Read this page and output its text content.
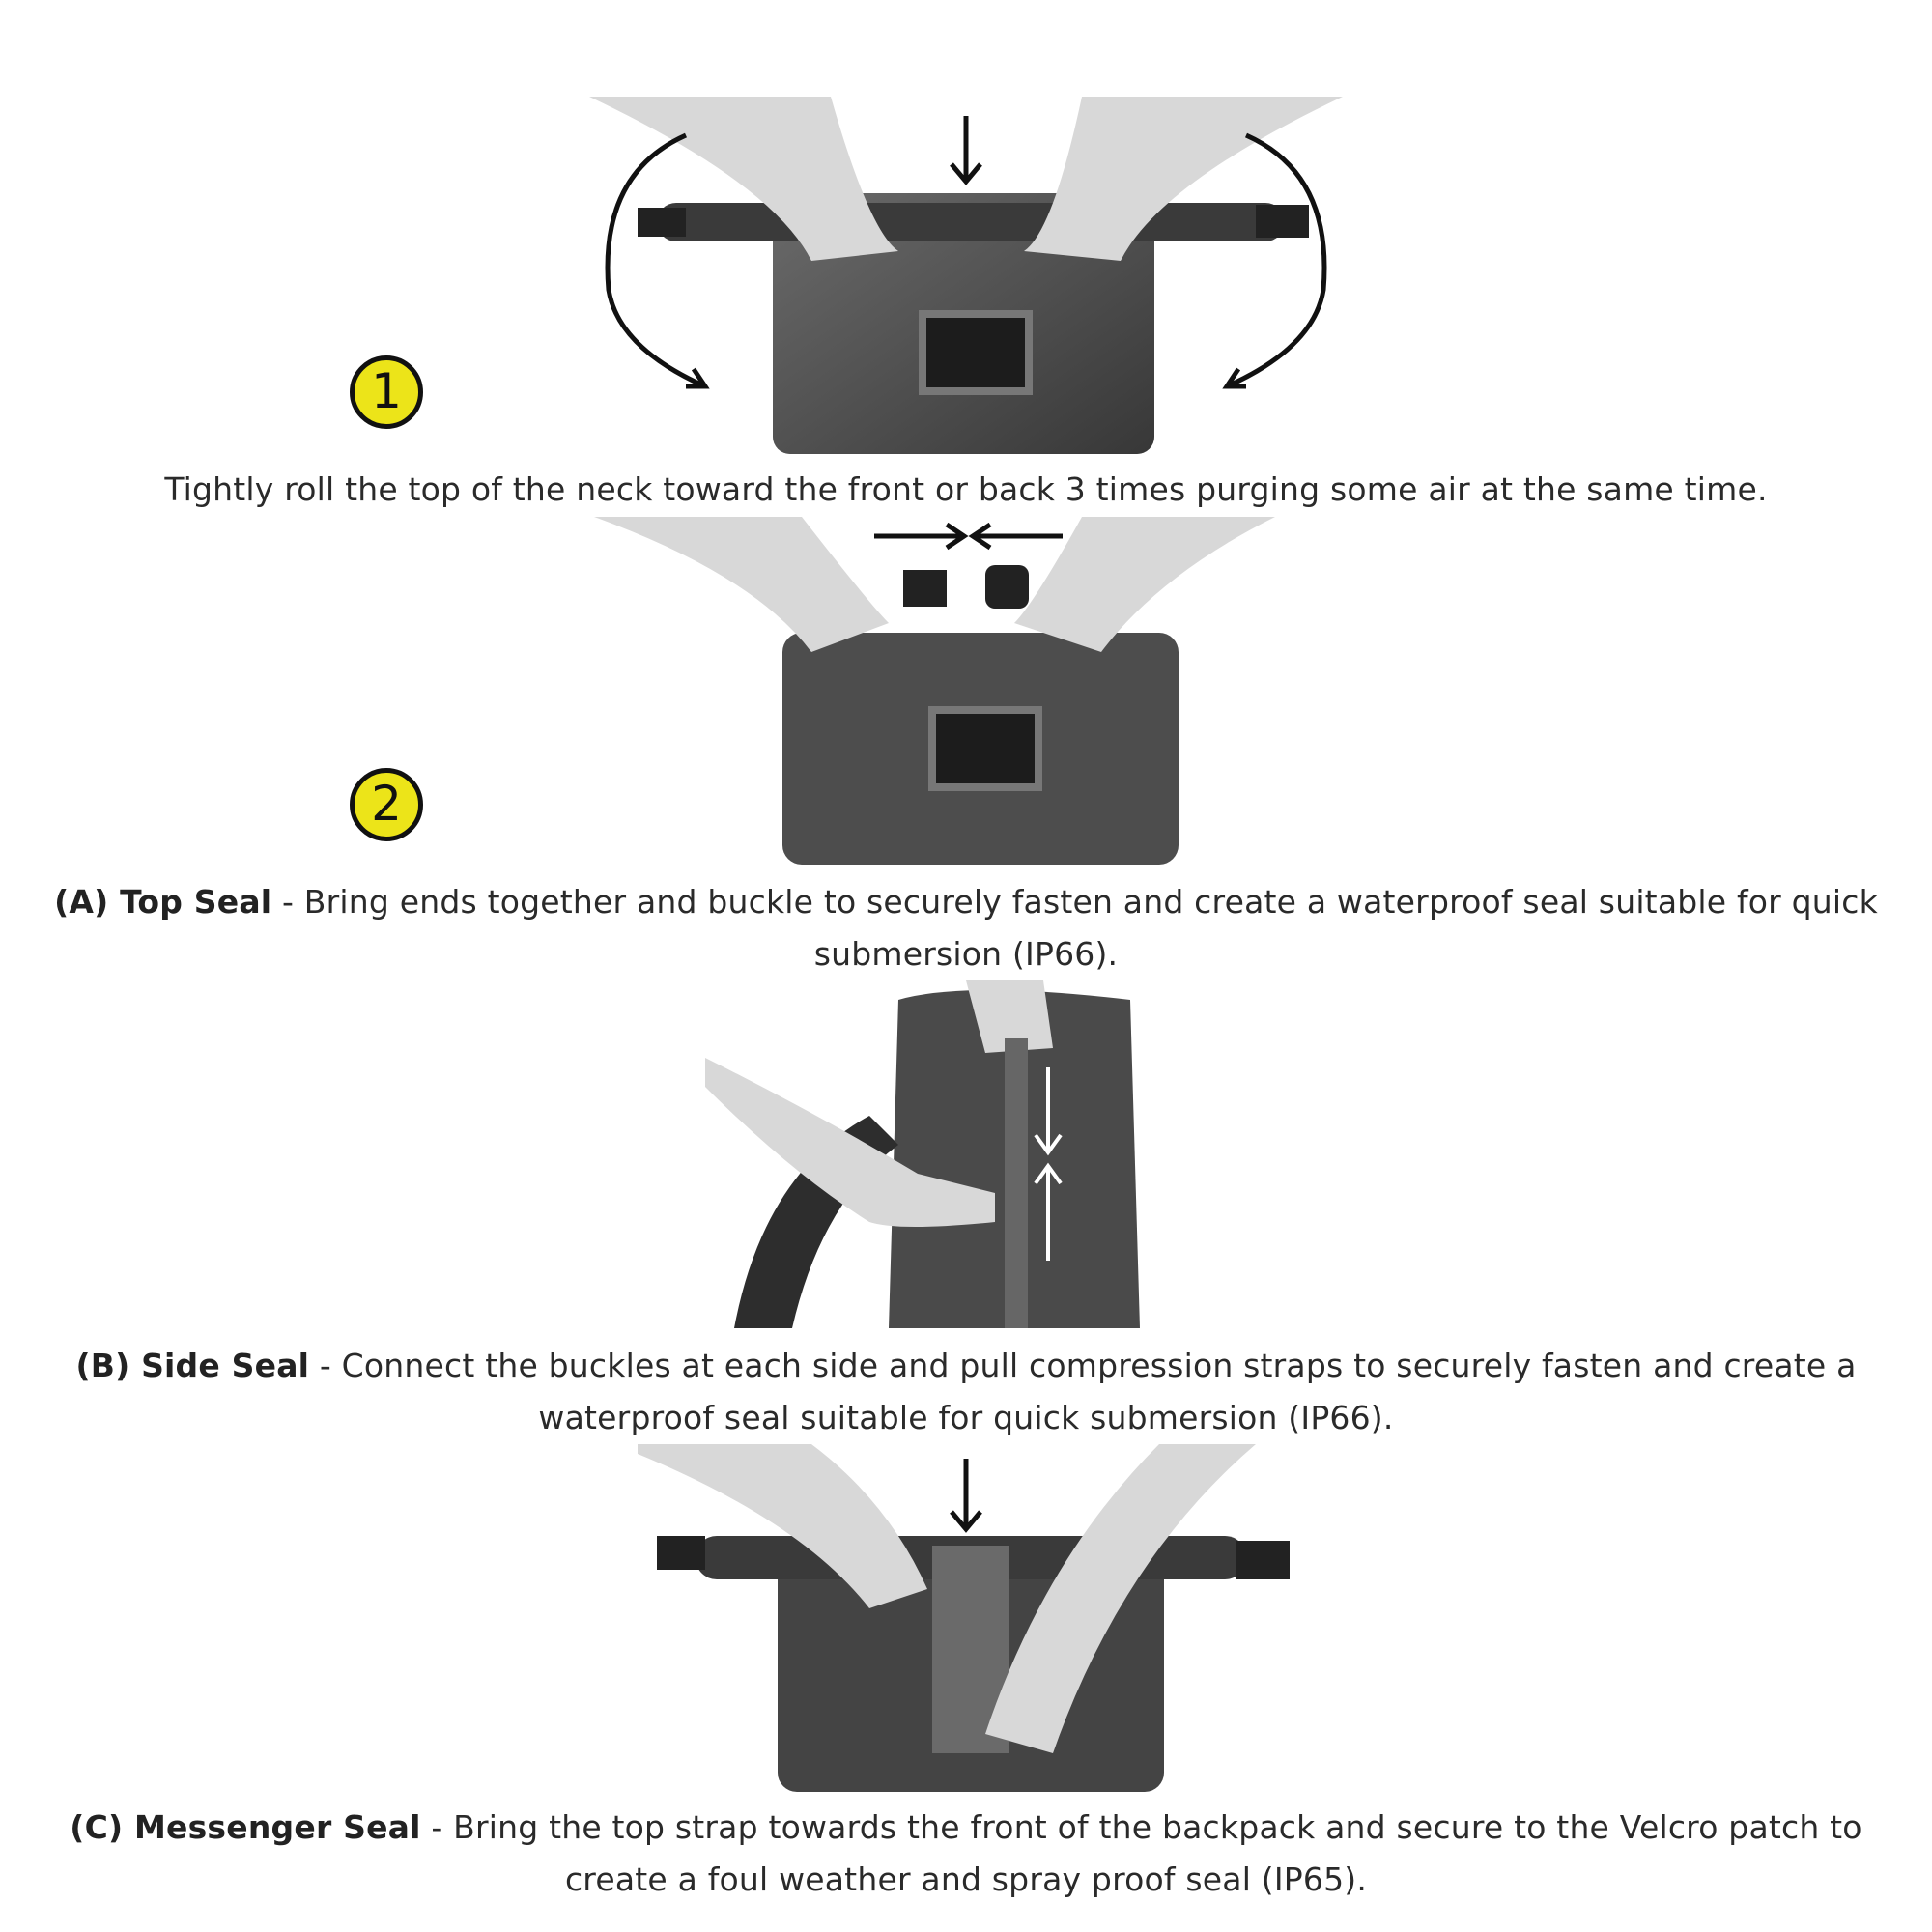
1
Tightly roll the top of the neck toward the front or back 3 times purging some air at the same time.
2
(A) Top Seal - Bring ends together and buckle to securely fasten and create a waterproof seal suitable for quick submersion (IP66).
(B) Side Seal - Connect the buckles at each side and pull compression straps to securely fasten and create a waterproof seal suitable for quick submersion (IP66).
(C) Messenger Seal - Bring the top strap towards the front of the backpack and secure to the Velcro patch to create a foul weather and spray proof seal (IP65).
